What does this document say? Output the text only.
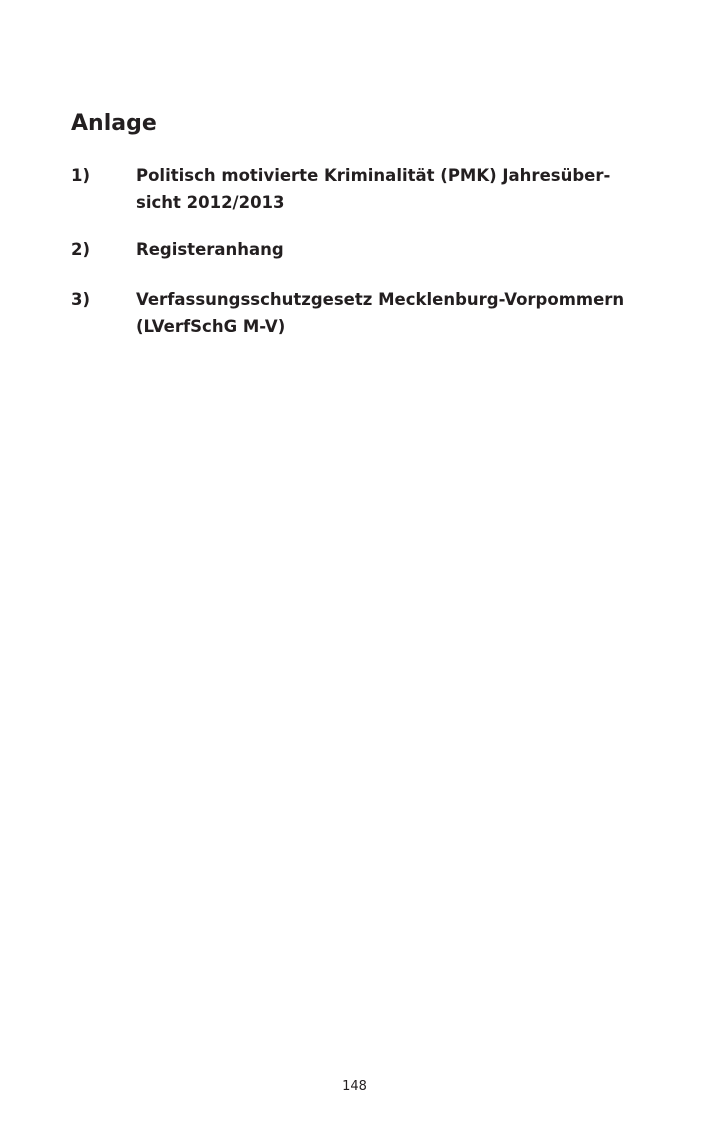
Anlage
1)	Politisch motivierte Kriminalität (PMK) Jahresüber-
sicht 2012/2013
2)	Registeranhang
3)	Verfassungsschutzgesetz Mecklenburg-Vorpommern
(LVerfSchG M-V)
148
